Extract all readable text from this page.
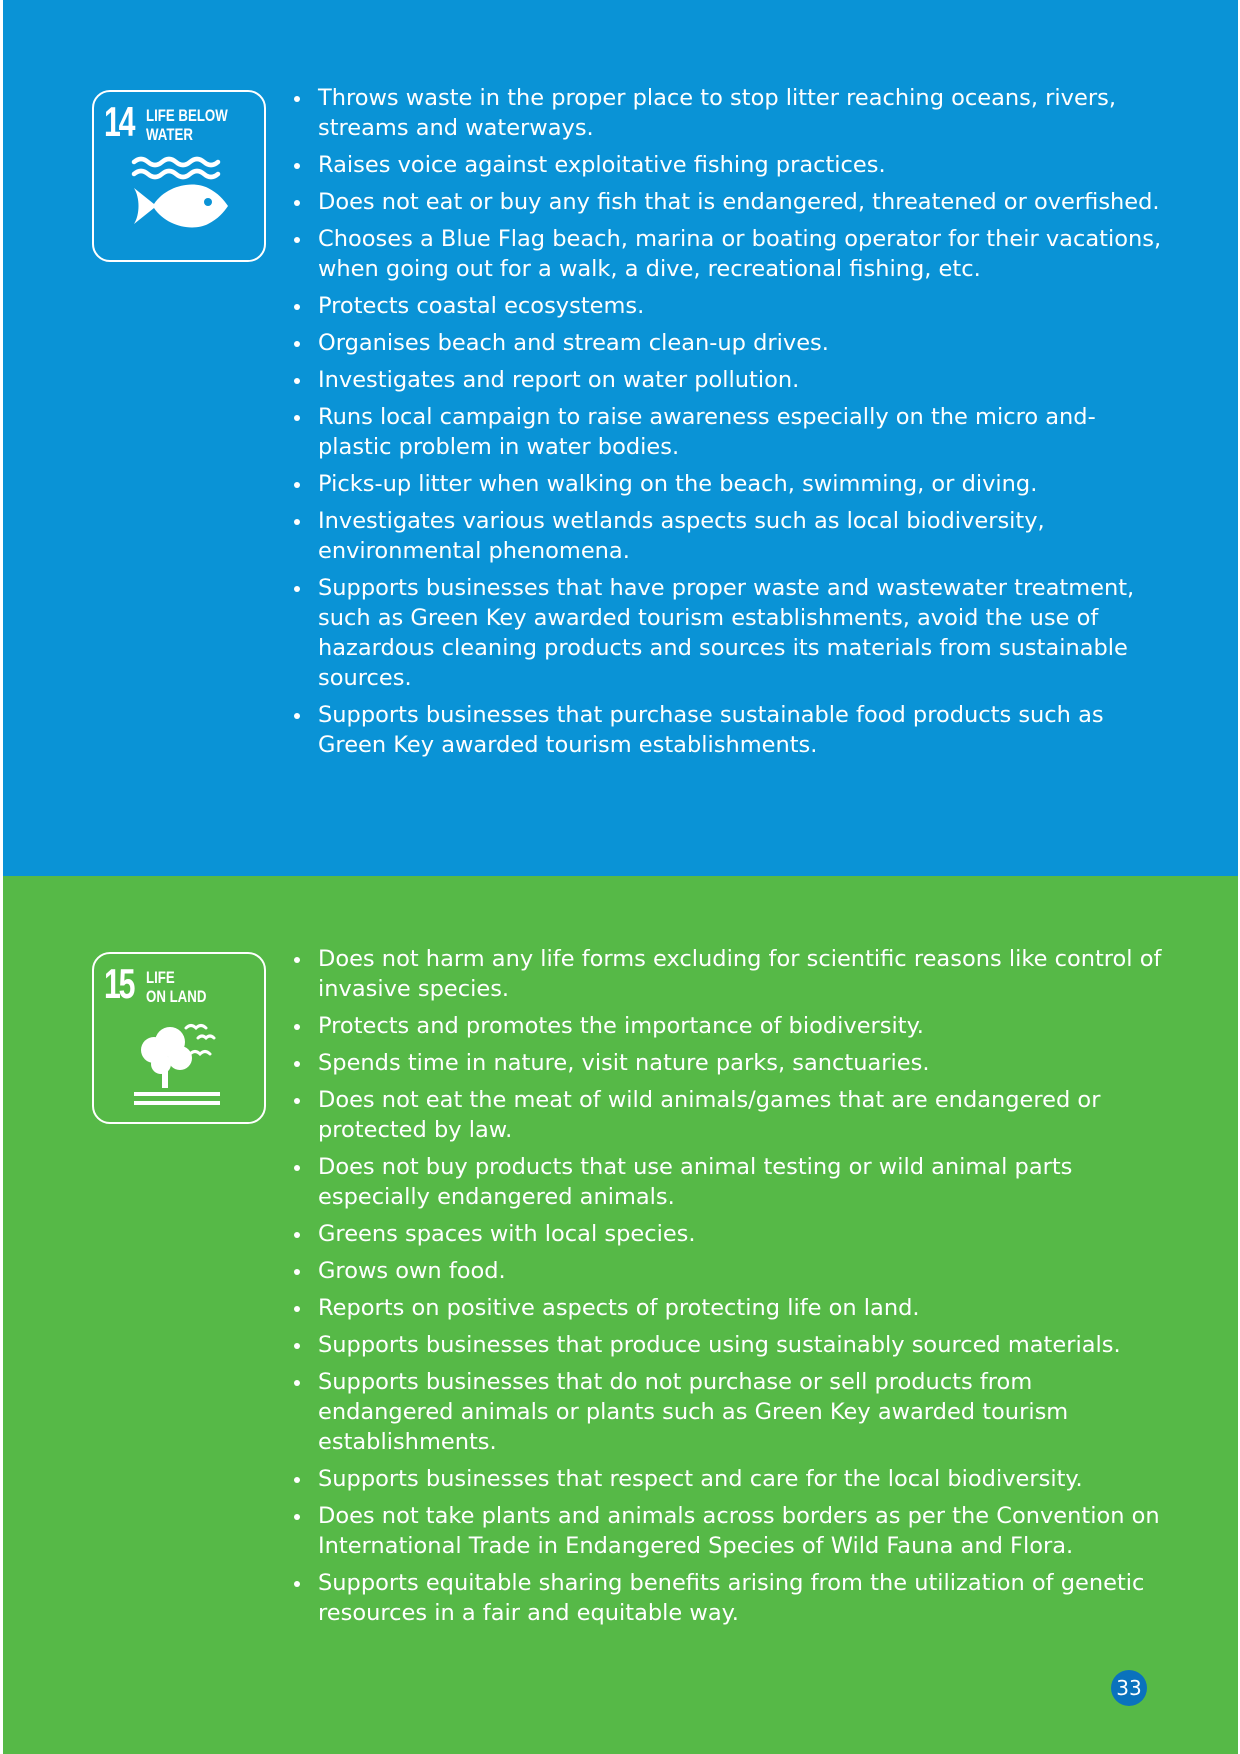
14 LIFE BELOW
WATER
Throws waste in the proper place to stop litter reaching oceans, rivers, streams and waterways.
Raises voice against exploitative fishing practices.
Does not eat or buy any fish that is endangered, threatened or overfished.
Chooses a Blue Flag beach, marina or boating operator for their vacations, when going out for a walk, a dive, recreational fishing, etc.
Protects coastal ecosystems.
Organises beach and stream clean-up drives.
Investigates and report on water pollution.
Runs local campaign to raise awareness especially on the micro and-plastic problem in water bodies.
Picks-up litter when walking on the beach, swimming, or diving.
Investigates various wetlands aspects such as local biodiversity, environmental phenomena.
Supports businesses that have proper waste and wastewater treatment, such as Green Key awarded tourism establishments, avoid the use of hazardous cleaning products and sources its materials from sustainable sources.
Supports businesses that purchase sustainable food products such as Green Key awarded tourism establishments.
15 LIFE
ON LAND
Does not harm any life forms excluding for scientific reasons like control of invasive species.
Protects and promotes the importance of biodiversity.
Spends time in nature, visit nature parks, sanctuaries.
Does not eat the meat of wild animals/games that are endangered or protected by law.
Does not buy products that use animal testing or wild animal parts especially endangered animals.
Greens spaces with local species.
Grows own food.
Reports on positive aspects of protecting life on land.
Supports businesses that produce using sustainably sourced materials.
Supports businesses that do not purchase or sell products from endangered animals or plants such as Green Key awarded tourism establishments.
Supports businesses that respect and care for the local biodiversity.
Does not take plants and animals across borders as per the Convention on International Trade in Endangered Species of Wild Fauna and Flora.
Supports equitable sharing benefits arising from the utilization of genetic resources in a fair and equitable way.
33
